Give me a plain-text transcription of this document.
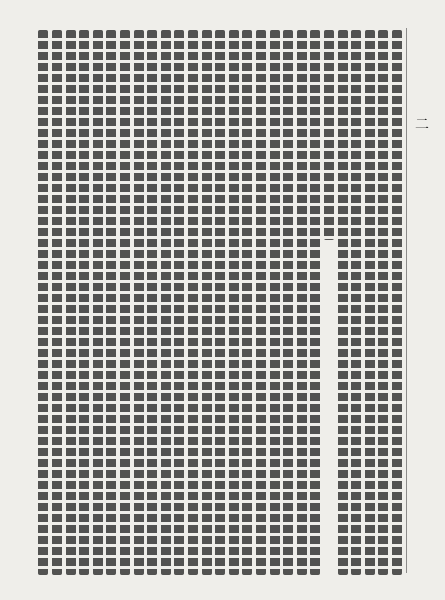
二
